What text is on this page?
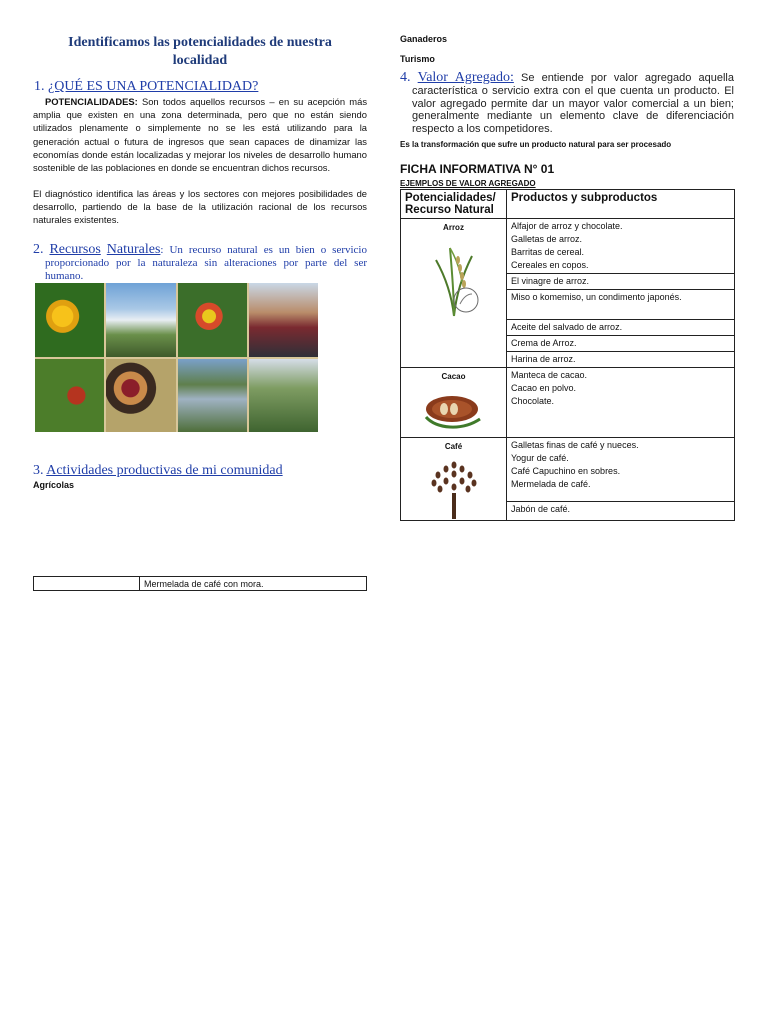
Identificamos las potencialidades de nuestra localidad
1. ¿QUÉ ES UNA POTENCIALIDAD?
POTENCIALIDADES: Son todos aquellos recursos – en su acepción más amplia que existen en una zona determinada, pero que no están siendo utilizados plenamente o simplemente no se les está utilizando para la generación actual o futura de ingresos que sean capaces de dinamizar las economías donde están localizadas y mejorar los niveles de desarrollo humano sostenible de las poblaciones en donde se encuentran dichos recursos.
El diagnóstico identifica las áreas y los sectores con mejores posibilidades de desarrollo, partiendo de la base de la utilización racional de los recursos naturales existentes.
2. Recursos Naturales: Un recurso natural es un bien o servicio proporcionado por la naturaleza sin alteraciones por parte del ser humano.
3. Actividades productivas de mi comunidad
Agrícolas
	Mermelada de café con mora.
Ganaderos
Turismo
4. Valor Agregado: Se entiende por valor agregado aquella característica o servicio extra con el que cuenta un producto. El valor agregado permite dar un mayor valor comercial a un bien; generalmente mediante un elemento clave de diferenciación respecto a los competidores.
Es la transformación que sufre un producto natural para ser procesado
FICHA INFORMATIVA N° 01
EJEMPLOS DE VALOR AGREGADO
Potencialidades/ Recurso Natural	Productos y subproductos

Arroz	Alfajor de arroz y chocolate.
Galletas de arroz.
Barritas de cereal.
Cereales en copos.

	El vinagre de arroz.
	Miso o komemiso, un condimento japonés.
	Aceite del salvado de arroz.
	Crema de Arroz.
	Harina de arroz.

Cacao	Manteca de cacao.
Cacao en polvo.
Chocolate.

Café	Galletas finas de café y nueces.
Yogur de café.
Café Capuchino en sobres.
Mermelada de café.

	Jabón de café.
